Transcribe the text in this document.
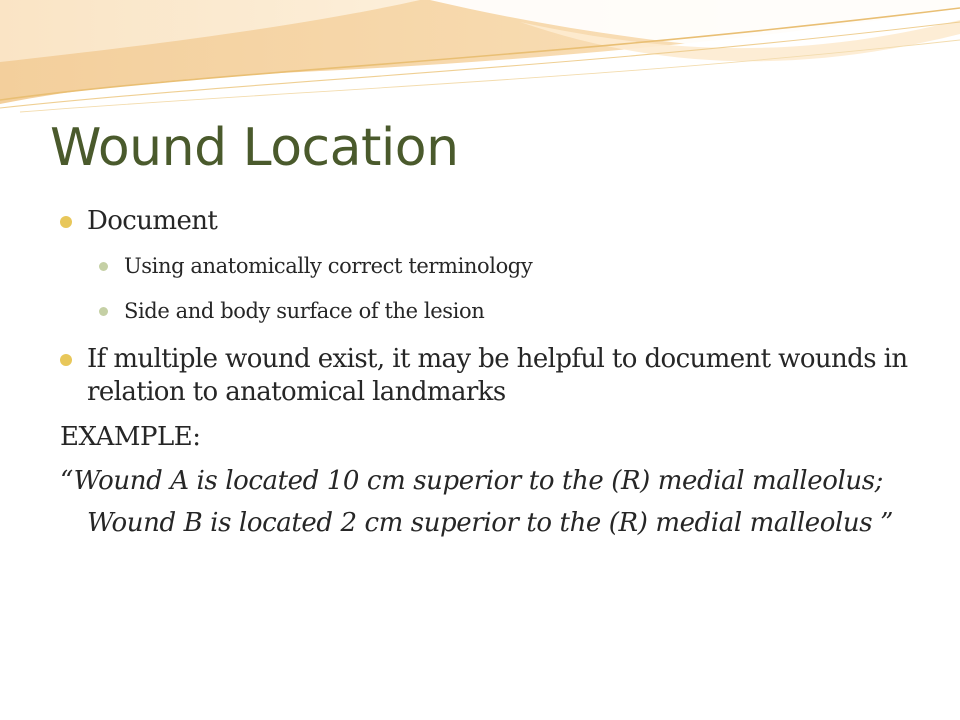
Wound Location
Document
Using anatomically correct terminology
Side and body surface of the lesion
If multiple wound exist, it may be helpful to document wounds in relation to anatomical landmarks
EXAMPLE:
“Wound A is located 10 cm superior to the (R) medial malleolus; Wound B is located 2 cm superior to the (R) medial malleolus ”
